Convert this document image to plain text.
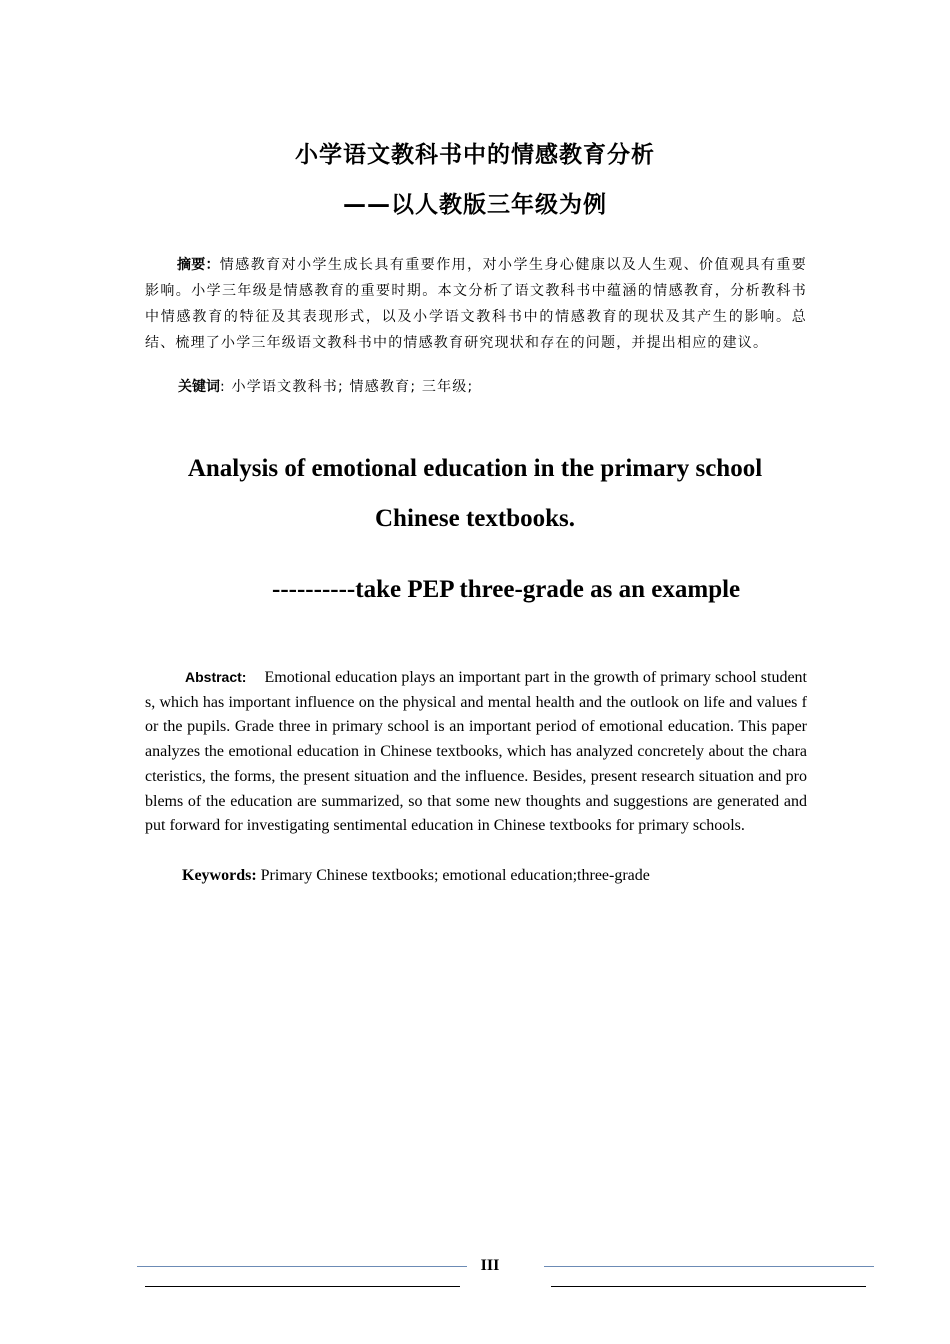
小学语文教科书中的情感教育分析
——以人教版三年级为例
摘要：情感教育对小学生成长具有重要作用，对小学生身心健康以及人生观、价值观具有重要影响。小学三年级是情感教育的重要时期。本文分析了语文教科书中蕴涵的情感教育，分析教科书中情感教育的特征及其表现形式，以及小学语文教科书中的情感教育的现状及其产生的影响。总结、梳理了小学三年级语文教科书中的情感教育研究现状和存在的问题，并提出相应的建议。
关键词: 小学语文教科书; 情感教育; 三年级;
Analysis of emotional education in the primary school
Chinese textbooks.
----------take PEP three-grade as an example
Abstract: Emotional education plays an important part in the growth of primary school students, which has important influence on the physical and mental health and the outlook on life and values for the pupils. Grade three in primary school is an important period of emotional education. This paper analyzes the emotional education in Chinese textbooks, which has analyzed concretely about the characteristics, the forms, the present situation and the influence. Besides, present research situation and problems of the education are summarized, so that some new thoughts and suggestions are generated and put forward for investigating sentimental education in Chinese textbooks for primary schools.
Keywords: Primary Chinese textbooks; emotional education;three-grade
III
